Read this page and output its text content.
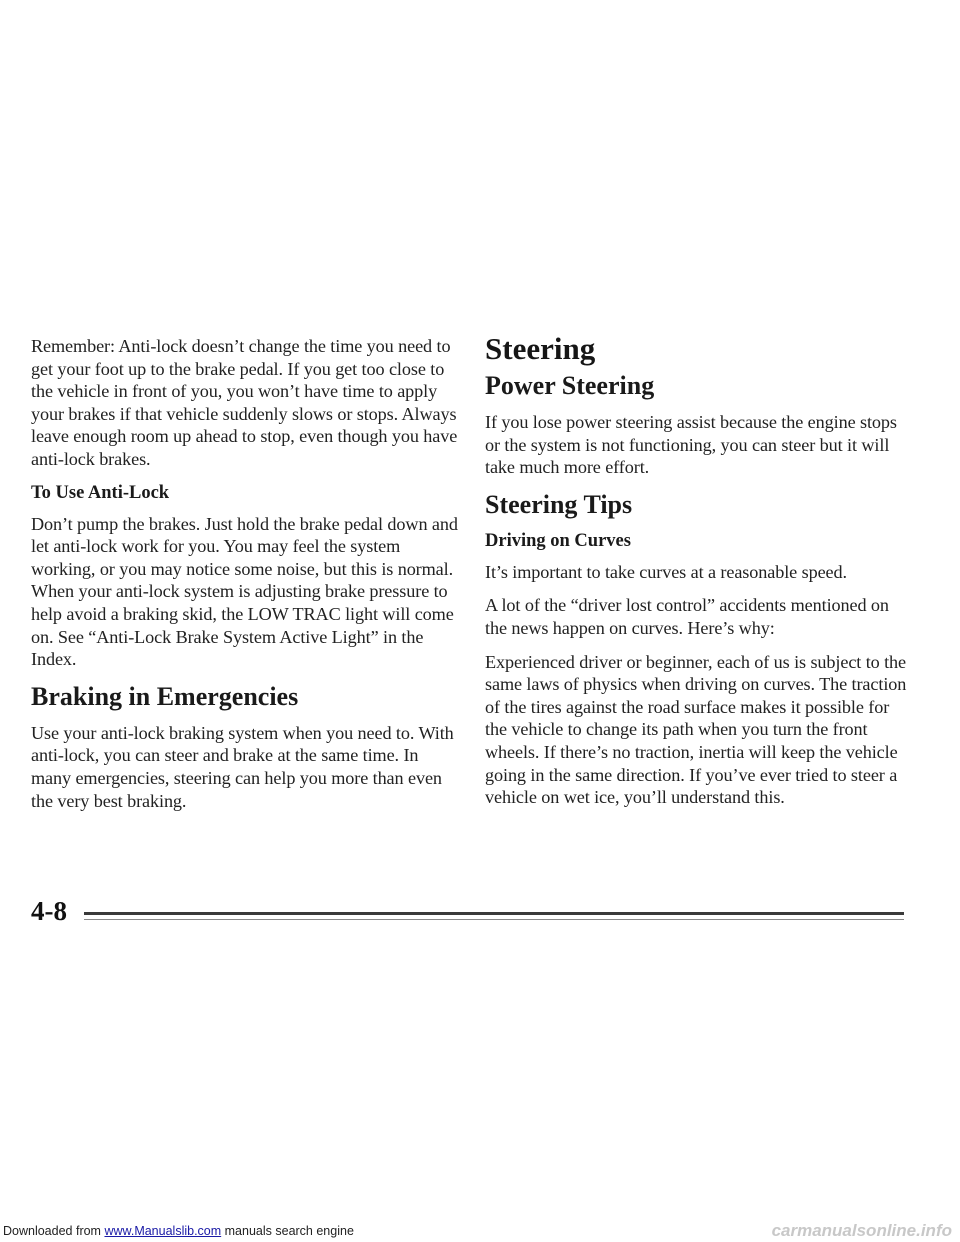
Remember: Anti-lock doesn’t change the time you need to get your foot up to the brake pedal. If you get too close to the vehicle in front of you, you won’t have time to apply your brakes if that vehicle suddenly slows or stops. Always leave enough room up ahead to stop, even though you have anti-lock brakes.

To Use Anti-Lock

Don’t pump the brakes. Just hold the brake pedal down and let anti-lock work for you. You may feel the system working, or you may notice some noise, but this is normal. When your anti-lock system is adjusting brake pressure to help avoid a braking skid, the LOW TRAC light will come on. See “Anti-Lock Brake System Active Light” in the Index.

Braking in Emergencies

Use your anti-lock braking system when you need to. With anti-lock, you can steer and brake at the same time. In many emergencies, steering can help you more than even the very best braking.

Steering
Power Steering

If you lose power steering assist because the engine stops or the system is not functioning, you can steer but it will take much more effort.

Steering Tips
Driving on Curves

It’s important to take curves at a reasonable speed.

A lot of the “driver lost control” accidents mentioned on the news happen on curves. Here’s why:

Experienced driver or beginner, each of us is subject to the same laws of physics when driving on curves. The traction of the tires against the road surface makes it possible for the vehicle to change its path when you turn the front wheels. If there’s no traction, inertia will keep the vehicle going in the same direction. If you’ve ever tried to steer a vehicle on wet ice, you’ll understand this.

4-8
Downloaded from www.Manualslib.com manuals search engine	carmanualsonline.info
